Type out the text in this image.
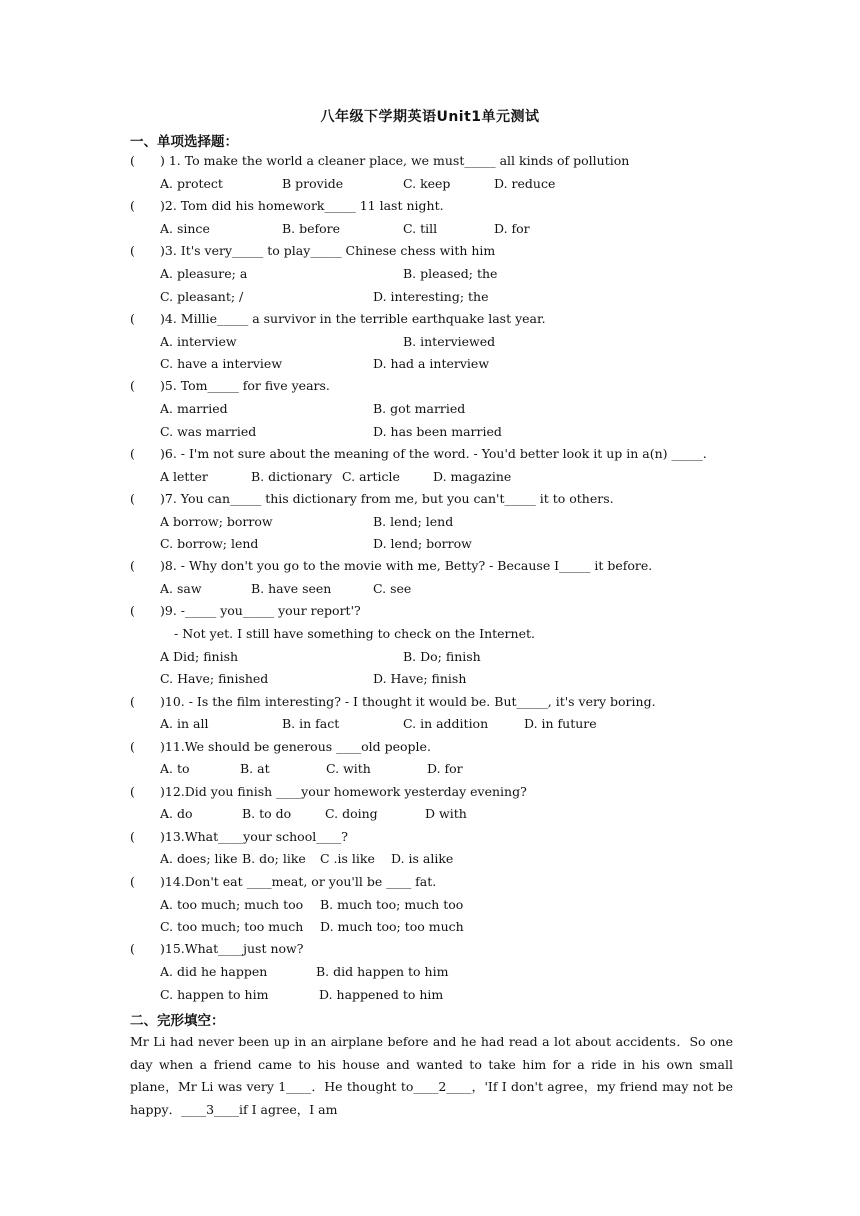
八年级下学期英语Unit1单元测试
一、单项选择题：
( ) 1. To make the world a cleaner place, we must_____ all kinds of pollution
A. protect	B provide	C. keep	D. reduce
( )2. Tom did his homework_____ 11 last night.
A. since	B. before	C. till	D. for
( )3. It's very_____ to play_____ Chinese chess with him
A. pleasure; a	B. pleased; the
C. pleasant; /	D. interesting; the
( )4. Millie_____ a survivor in the terrible earthquake last year.
A. interview	B. interviewed
C. have a interview	D. had a interview
( )5. Tom_____ for five years.
A. married	B. got married
C. was married	D. has been married
( )6. - I'm not sure about the meaning of the word. - You'd better look it up in a(n) _____.
A letter	B. dictionary C. article	D. magazine
( )7. You can_____ this dictionary from me, but you can't_____ it to others.
A borrow; borrow	B. lend; lend
C. borrow; lend	D. lend; borrow
( )8. - Why don't you go to the movie with me, Betty? - Because I_____ it before.
A. saw	B. have seen	C. see
( )9. -_____ you_____ your report'?
- Not yet. I still have something to check on the Internet.
A Did; finish	B. Do; finish
C. Have; finished	D. Have; finish
( )10. - Is the film interesting? - I thought it would be. But_____, it's very boring.
A. in all	B. in fact	C. in addition	D. in future
( )11.We should be generous ____old people.
A. to	B. at	C. with	D. for
( )12.Did you finish ____your homework yesterday evening?
A. do	B. to do	C. doing	D with
( )13.What____your school____?
A. does; like B. do; like C .is like D. is alike
( )14.Don't eat ____meat, or you'll be ____ fat.
A. too much; much too B. much too; much too
C. too much; too much D. much too; too much
( )15.What____just now?
A. did he happen	B. did happen to him
C. happen to him	D. happened to him
二、完形填空：
Mr Li had never been up in an airplane before and he had read a lot about accidents．So one day when a friend came to his house and wanted to take him for a ride in his own small plane，Mr Li was very 1____．He thought to____2____，'If I don't agree，my friend may not be happy．____3____if I agree，I am
